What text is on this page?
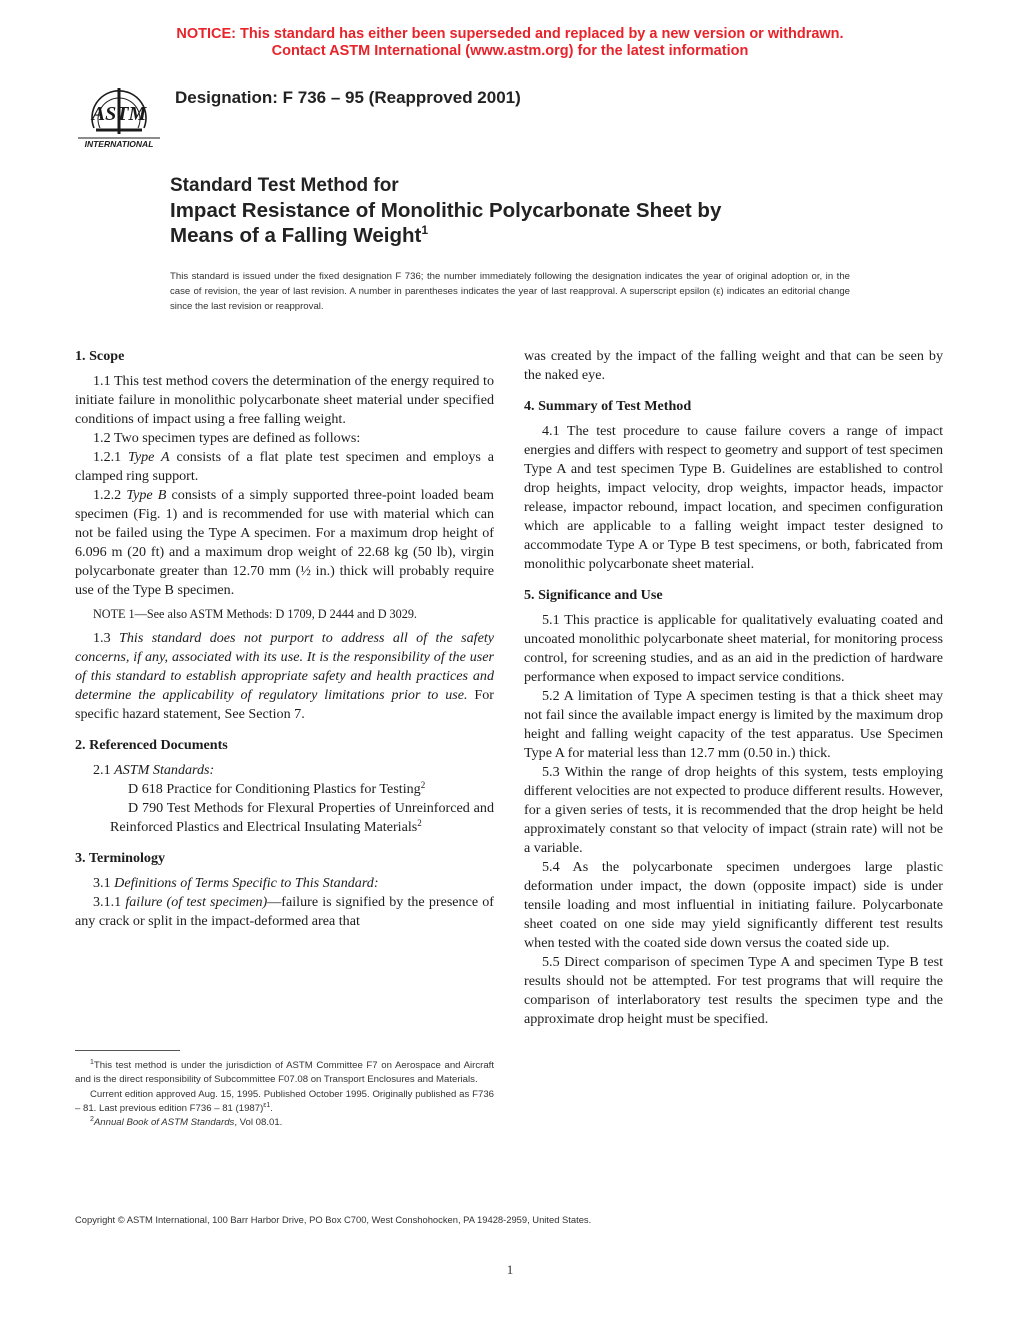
NOTICE: This standard has either been superseded and replaced by a new version or withdrawn.
Contact ASTM International (www.astm.org) for the latest information
ASTM
INTERNATIONAL
Designation: F 736 – 95 (Reapproved 2001)
Standard Test Method for
Impact Resistance of Monolithic Polycarbonate Sheet by
Means of a Falling Weight$^1$
This standard is issued under the fixed designation F 736; the number immediately following the designation indicates the year of original adoption or, in the case of revision, the year of last revision. A number in parentheses indicates the year of last reapproval. A superscript epsilon (ε) indicates an editorial change since the last revision or reapproval.
1. Scope

1.1 This test method covers the determination of the energy required to initiate failure in monolithic polycarbonate sheet material under specified conditions of impact using a free falling weight.

1.2 Two specimen types are defined as follows:

1.2.1 Type A consists of a flat plate test specimen and employs a clamped ring support.

1.2.2 Type B consists of a simply supported three-point loaded beam specimen (Fig. 1) and is recommended for use with material which can not be failed using the Type A specimen. For a maximum drop height of 6.096 m (20 ft) and a maximum drop weight of 22.68 kg (50 lb), virgin polycarbonate greater than 12.70 mm (½ in.) thick will probably require use of the Type B specimen.

NOTE 1—See also ASTM Methods: D 1709, D 2444 and D 3029.

1.3 This standard does not purport to address all of the safety concerns, if any, associated with its use. It is the responsibility of the user of this standard to establish appropriate safety and health practices and determine the applicability of regulatory limitations prior to use. For specific hazard statement, See Section 7.

2. Referenced Documents

2.1 ASTM Standards:

D 618 Practice for Conditioning Plastics for Testing$^2$

D 790 Test Methods for Flexural Properties of Unreinforced and Reinforced Plastics and Electrical Insulating Materials$^2$

3. Terminology

3.1 Definitions of Terms Specific to This Standard:

3.1.1 failure (of test specimen)—failure is signified by the presence of any crack or split in the impact-deformed area that

was created by the impact of the falling weight and that can be seen by the naked eye.

4. Summary of Test Method

4.1 The test procedure to cause failure covers a range of impact energies and differs with respect to geometry and support of test specimen Type A and test specimen Type B. Guidelines are established to control drop heights, impact velocity, drop weights, impactor heads, impactor release, impactor rebound, impact location, and specimen configuration which are applicable to a falling weight impact tester designed to accommodate Type A or Type B test specimens, or both, fabricated from monolithic polycarbonate sheet material.

5. Significance and Use

5.1 This practice is applicable for qualitatively evaluating coated and uncoated monolithic polycarbonate sheet material, for monitoring process control, for screening studies, and as an aid in the prediction of hardware performance when exposed to impact service conditions.

5.2 A limitation of Type A specimen testing is that a thick sheet may not fail since the available impact energy is limited by the maximum drop height and falling weight capacity of the test apparatus. Use Specimen Type A for material less than 12.7 mm (0.50 in.) thick.

5.3 Within the range of drop heights of this system, tests employing different velocities are not expected to produce different results. However, for a given series of tests, it is recommended that the drop height be held approximately constant so that velocity of impact (strain rate) will not be a variable.

5.4 As the polycarbonate specimen undergoes large plastic deformation under impact, the down (opposite impact) side is under tensile loading and most influential in initiating failure. Polycarbonate sheet coated on one side may yield significantly different test results when tested with the coated side down versus the coated side up.

5.5 Direct comparison of specimen Type A and specimen Type B test results should not be attempted. For test programs that will require the comparison of interlaboratory test results the specimen type and the approximate drop height must be specified.

$^1$This test method is under the jurisdiction of ASTM Committee F7 on Aerospace and Aircraft and is the direct responsibility of Subcommittee F07.08 on Transport Enclosures and Materials.

Current edition approved Aug. 15, 1995. Published October 1995. Originally published as F736 – 81. Last previous edition F736 – 81 $(1987)^{\varepsilon 1}$.

$^2$Annual Book of ASTM Standards, Vol 08.01.

Copyright © ASTM International, 100 Barr Harbor Drive, PO Box C700, West Conshohocken, PA 19428-2959, United States.
1
